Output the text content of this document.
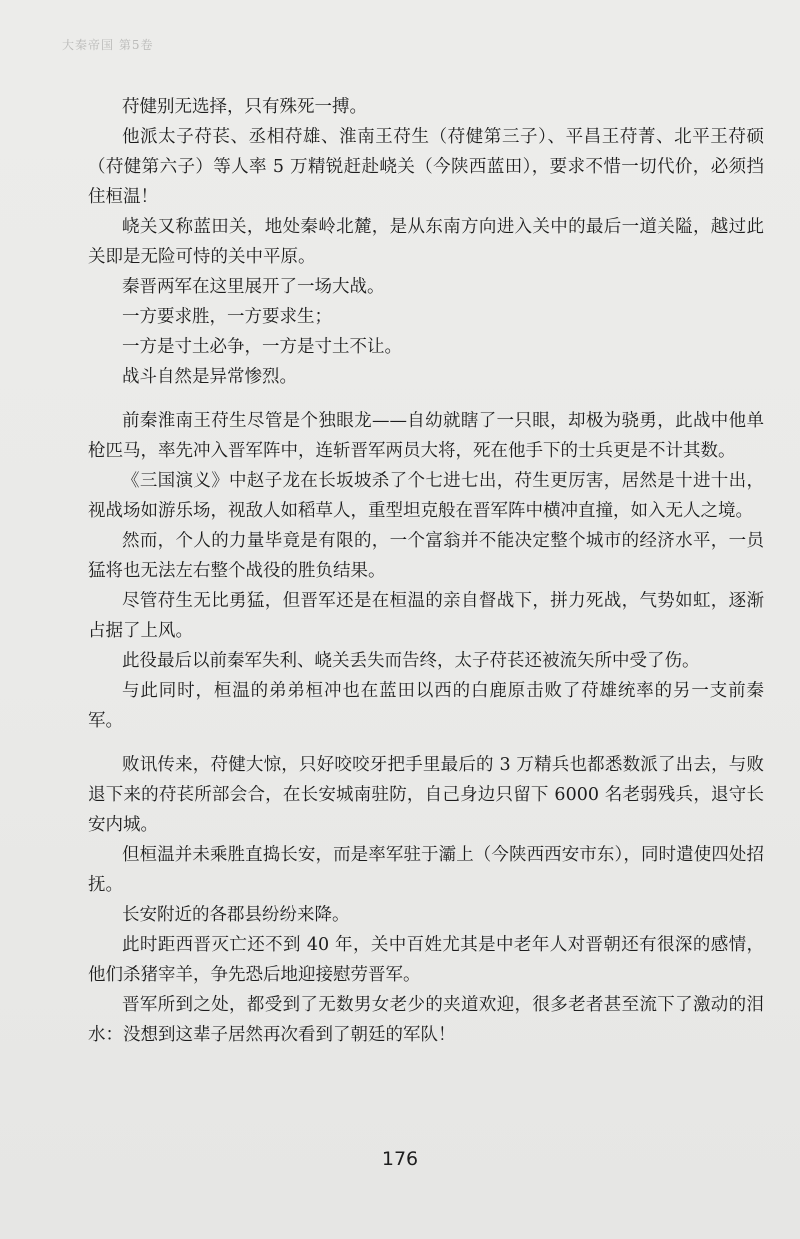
大秦帝国 第5卷

苻健别无选择，只有殊死一搏。

他派太子苻苌、丞相苻雄、淮南王苻生（苻健第三子）、平昌王苻菁、北平王苻硕（苻健第六子）等人率 5 万精锐赶赴峣关（今陕西蓝田），要求不惜一切代价，必须挡住桓温！

峣关又称蓝田关，地处秦岭北麓，是从东南方向进入关中的最后一道关隘，越过此关即是无险可恃的关中平原。

秦晋两军在这里展开了一场大战。

一方要求胜，一方要求生；

一方是寸土必争，一方是寸土不让。

战斗自然是异常惨烈。

前秦淮南王苻生尽管是个独眼龙——自幼就瞎了一只眼，却极为骁勇，此战中他单枪匹马，率先冲入晋军阵中，连斩晋军两员大将，死在他手下的士兵更是不计其数。

《三国演义》中赵子龙在长坂坡杀了个七进七出，苻生更厉害，居然是十进十出，视战场如游乐场，视敌人如稻草人，重型坦克般在晋军阵中横冲直撞，如入无人之境。

然而，个人的力量毕竟是有限的，一个富翁并不能决定整个城市的经济水平，一员猛将也无法左右整个战役的胜负结果。

尽管苻生无比勇猛，但晋军还是在桓温的亲自督战下，拼力死战，气势如虹，逐渐占据了上风。

此役最后以前秦军失利、峣关丢失而告终，太子苻苌还被流矢所中受了伤。

与此同时，桓温的弟弟桓冲也在蓝田以西的白鹿原击败了苻雄统率的另一支前秦军。

败讯传来，苻健大惊，只好咬咬牙把手里最后的 3 万精兵也都悉数派了出去，与败退下来的苻苌所部会合，在长安城南驻防，自己身边只留下 6000 名老弱残兵，退守长安内城。

但桓温并未乘胜直捣长安，而是率军驻于灞上（今陕西西安市东），同时遣使四处招抚。

长安附近的各郡县纷纷来降。

此时距西晋灭亡还不到 40 年，关中百姓尤其是中老年人对晋朝还有很深的感情，他们杀猪宰羊，争先恐后地迎接慰劳晋军。

晋军所到之处，都受到了无数男女老少的夹道欢迎，很多老者甚至流下了激动的泪水：没想到这辈子居然再次看到了朝廷的军队！

176
